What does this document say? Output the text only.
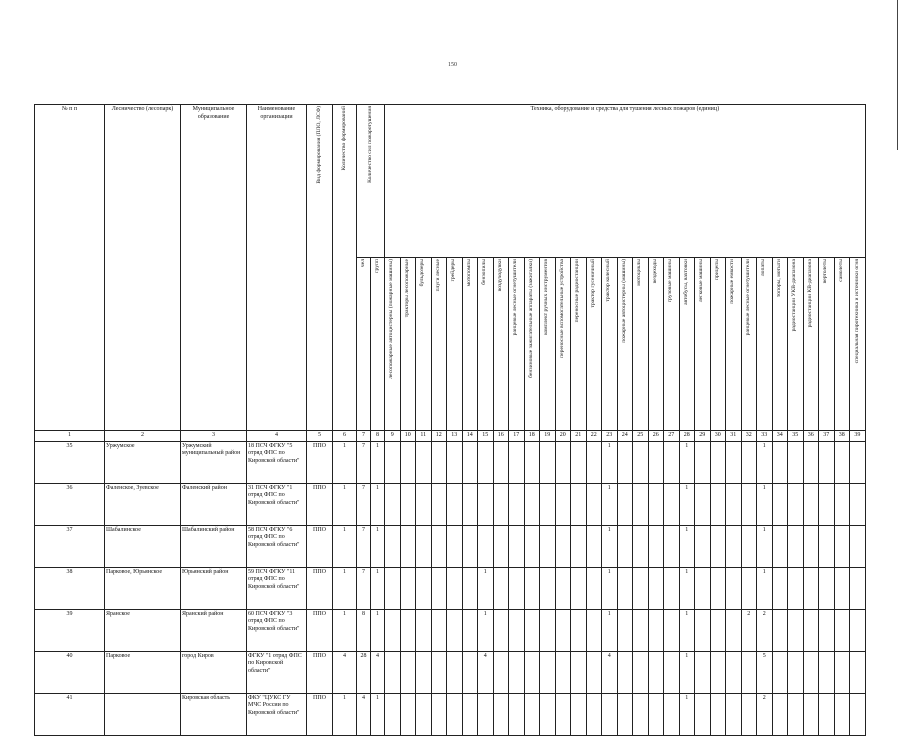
150
№ п п	Лесничество (лесопарк)	Муниципальное образование	Наименование организации	Вид формирования (ПЛО, ЛСФ)	Количество формирований	Количество сил пожаротушения		Техника, оборудование и средства для тушения лесных пожаров (единиц)																														

						чел	групп	лесопожарные автоцистерны (пожарные машины)	тракторы лесопожарные	бульдозеры	плуги лесные	грейдеры	мотопомпы	бензопилы	воздуходувки	ранцевые лесные огнетушители	бензиновые зажигательные аппараты (зажигалки)	комплект ручных инструментов	переносные вспомогательные устройства	переносные радиостанции	трактор гусеничный	трактор колесный	пожарные автоцистерны (машины)	мотоциклы	вездеходы	грузовые машины	автобусы, вахтовки	легковые машины	прицепы	пожарные емкости	ранцевые лесные огнетушители	лопаты	топоры, мотыги	радиостанции УКВ-диапазона	радиостанции КВ-диапазона	вертолеты	самолеты	специальная пиротехника и источники огня

1	2	3	4	5	6	7	8	9	10	11	12	13	14	15	16	17	18	19	20	21	22	23	24	25	26	27	28	29	30	31	32	33	34	35	36	37	38	39
35	Уржумское	Уржумский муниципальный район	18 ПСЧ ФГКУ "5 отряд ФПС по Кировской области"	ППО	1	7	1															1					1					1						
36	Фаленское, Зуевское	Фаленский район	31 ПСЧ ФГКУ "1 отряд ФПС по Кировской области"	ППО	1	7	1															1					1					1						
37	Шабалинское	Шабалинский район	58 ПСЧ ФГКУ "6 отряд ФПС по Кировской области"	ППО	1	7	1															1					1					1						
38	Парковое, Юрьянское	Юрьянский район	59 ПСЧ ФГКУ "11 отряд ФПС по Кировской области"	ППО	1	7	1							1								1					1					1						
39	Яранское	Яранский район	60 ПСЧ ФГКУ "3 отряд ФПС по Кировской области"	ППО	1	8	1							1								1					1				2	2						
40	Парковое	город Киров	ФГКУ "1 отряд ФПС по Кировской области"	ППО	4	28	4							4								4					1					5						
41		Кировская область	ФКУ "ЦУКС ГУ МЧС России по Кировской области"	ППО	1	4	1																				1					2						
